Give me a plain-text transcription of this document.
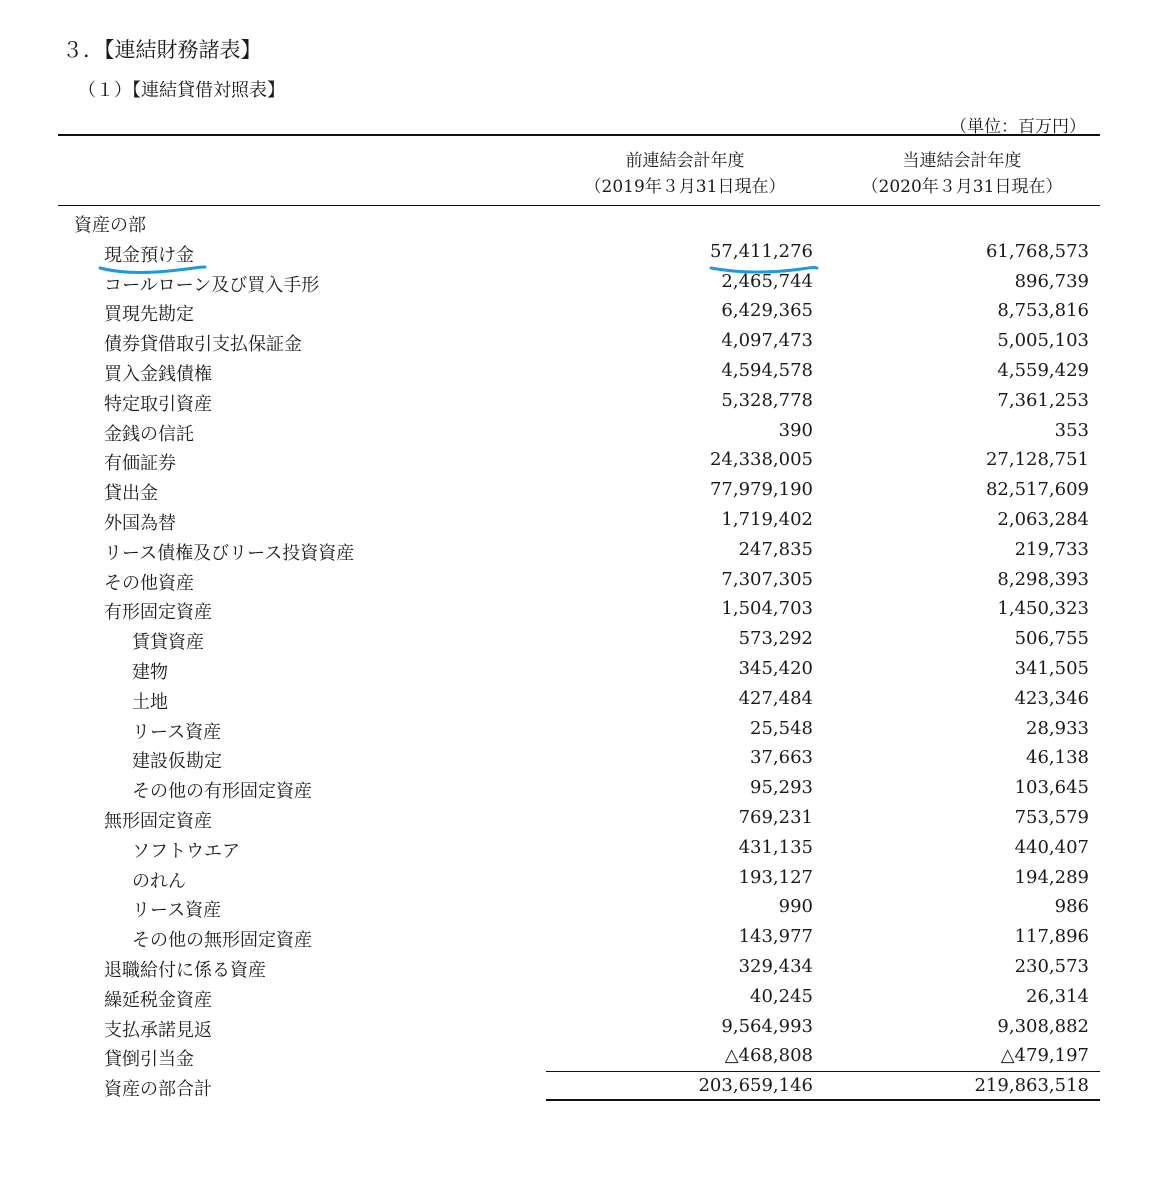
３．【連結財務諸表】
（１）【連結貸借対照表】
（単位：百万円）
前連結会計年度
（2019年３月31日現在）
当連結会計年度
（2020年３月31日現在）
資産の部
現金預け金	57,411,276	61,768,573
コールローン及び買入手形	2,465,744	896,739
買現先勘定	6,429,365	8,753,816
債券貸借取引支払保証金	4,097,473	5,005,103
買入金銭債権	4,594,578	4,559,429
特定取引資産	5,328,778	7,361,253
金銭の信託	390	353
有価証券	24,338,005	27,128,751
貸出金	77,979,190	82,517,609
外国為替	1,719,402	2,063,284
リース債権及びリース投資資産	247,835	219,733
その他資産	7,307,305	8,298,393
有形固定資産	1,504,703	1,450,323
賃貸資産	573,292	506,755
建物	345,420	341,505
土地	427,484	423,346
リース資産	25,548	28,933
建設仮勘定	37,663	46,138
その他の有形固定資産	95,293	103,645
無形固定資産	769,231	753,579
ソフトウエア	431,135	440,407
のれん	193,127	194,289
リース資産	990	986
その他の無形固定資産	143,977	117,896
退職給付に係る資産	329,434	230,573
繰延税金資産	40,245	26,314
支払承諾見返	9,564,993	9,308,882
貸倒引当金	△468,808	△479,197
資産の部合計	203,659,146	219,863,518
